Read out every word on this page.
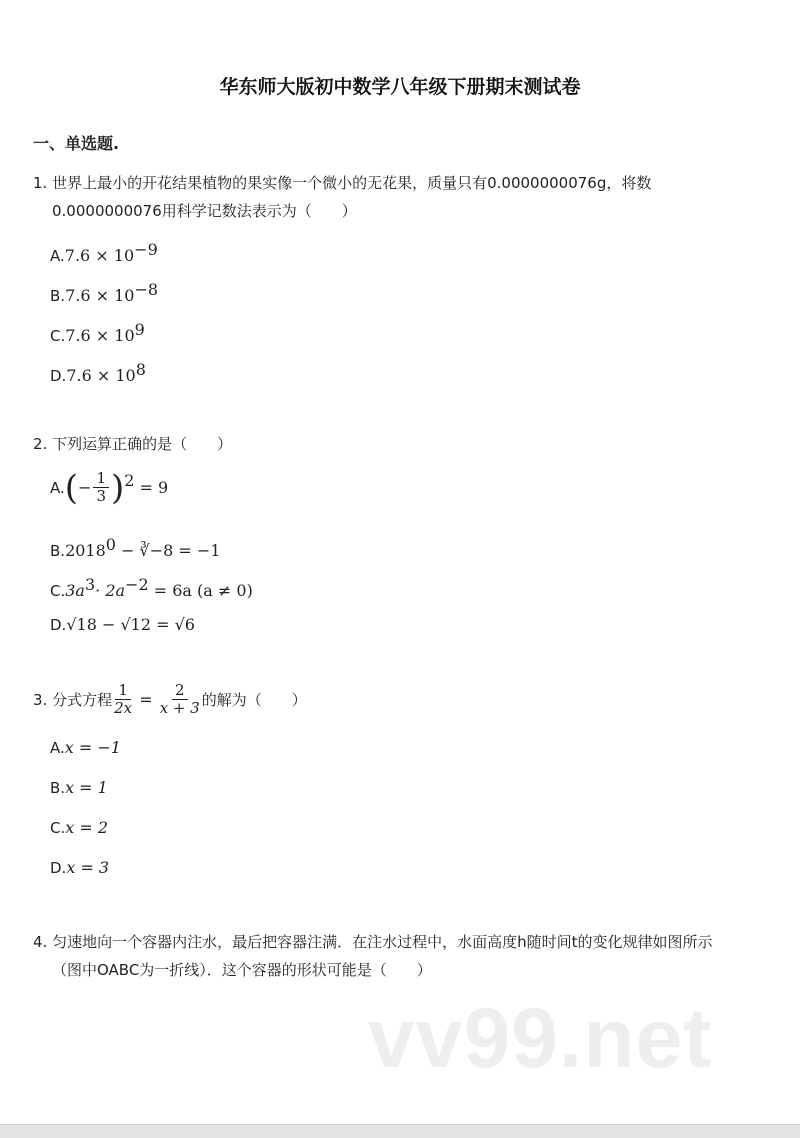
华东师大版初中数学八年级下册期末测试卷
一、单选题.
1. 世界上最小的开花结果植物的果实像一个微小的无花果，质量只有0.0000000076g，将数
0.0000000076用科学记数法表示为（　　）
$A.7.6 \times 10^{-9}$
$B.7.6 \times 10^{-8}$
$C.7.6 \times 10^9$
$D.7.6 \times 10^8$
2. 下列运算正确的是（　　）
A. ( − $\frac{1}{3}$ ) 2 = 9
$B.2018^0$ − ∛−8 = −1
$C.3a^3\cdot 2a^{-2} = 6a$ (a ≠ 0)
D.√18 − √12 = √6
3. 分式方程 $\frac{1}{2x} = \frac{2}{x + 3}$ 的解为（　　）
A.x = −1
B.x = 1
C.x = 2
D.x = 3
4. 匀速地向一个容器内注水，最后把容器注满．在注水过程中，水面高度h随时间t的变化规律如图所示
（图中OABC为一折线）．这个容器的形状可能是（　　）
vv99.net
